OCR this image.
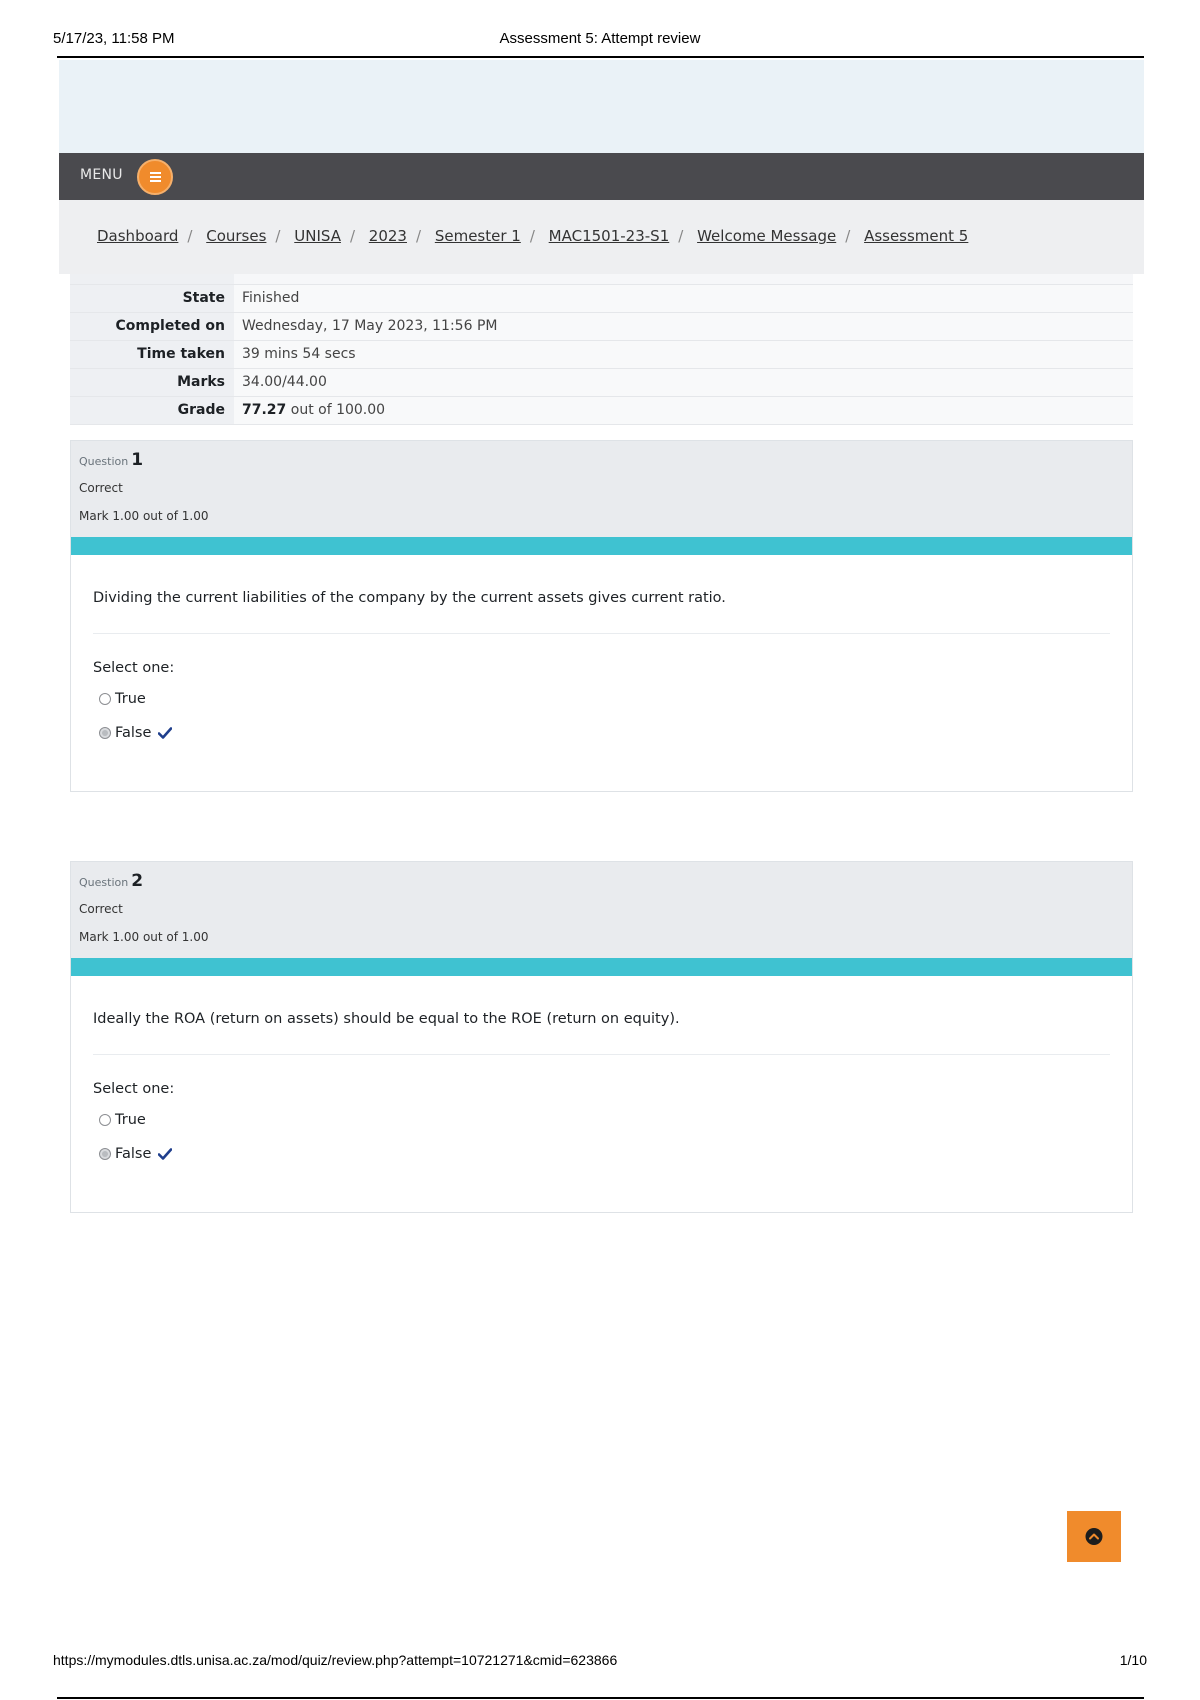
5/17/23, 11:58 PM	Assessment 5: Attempt review
MENU
Dashboard / Courses / UNISA / 2023 / Semester 1 / MAC1501-23-S1 / Welcome Message / Assessment 5
State	Finished
Completed on	Wednesday, 17 May 2023, 11:56 PM
Time taken	39 mins 54 secs
Marks	34.00/44.00
Grade	77.27 out of 100.00
Question 1
Correct
Mark 1.00 out of 1.00
Dividing the current liabilities of the company by the current assets gives current ratio.
Select one:
True
False
Question 2
Correct
Mark 1.00 out of 1.00
Ideally the ROA (return on assets) should be equal to the ROE (return on equity).
Select one:
True
False
https://mymodules.dtls.unisa.ac.za/mod/quiz/review.php?attempt=10721271&cmid=623866	1/10
